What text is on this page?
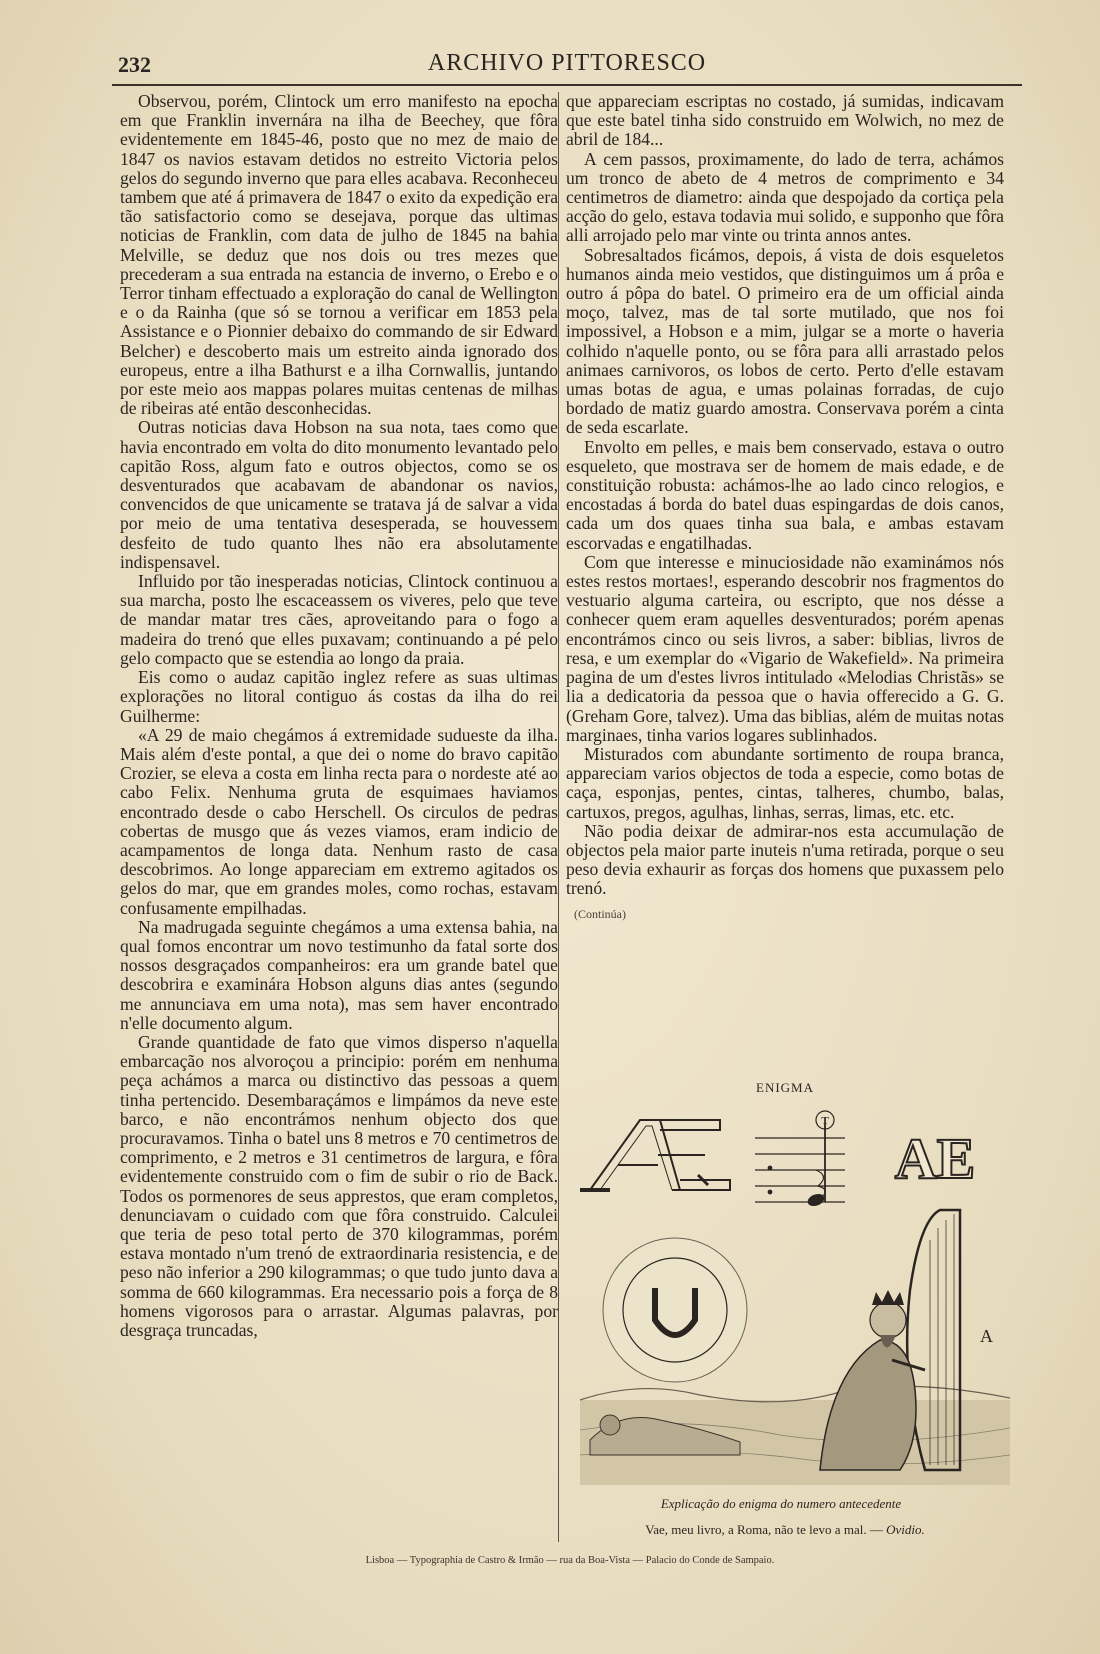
232	ARCHIVO PITTORESCO

Observou, porém, Clintock um erro manifesto na epocha em que Franklin invernára na ilha de Beechey, que fôra evidentemente em 1845-46, posto que no mez de maio de 1847 os navios estavam detidos no estreito Victoria pelos gelos do segundo inverno que para elles acabava. Reconheceu tambem que até á primavera de 1847 o exito da expedição era tão satisfactorio como se desejava, porque das ultimas noticias de Franklin, com data de julho de 1845 na bahia Melville, se deduz que nos dois ou tres mezes que precederam a sua entrada na estancia de inverno, o Erebo e o Terror tinham effectuado a exploração do canal de Wellington e o da Rainha (que só se tornou a verificar em 1853 pela Assistance e o Pionnier debaixo do commando de sir Edward Belcher) e descoberto mais um estreito ainda ignorado dos europeus, entre a ilha Bathurst e a ilha Cornwallis, juntando por este meio aos mappas polares muitas centenas de milhas de ribeiras até então desconhecidas.

Outras noticias dava Hobson na sua nota, taes como que havia encontrado em volta do dito monumento levantado pelo capitão Ross, algum fato e outros objectos, como se os desventurados que acabavam de abandonar os navios, convencidos de que unicamente se tratava já de salvar a vida por meio de uma tentativa desesperada, se houvessem desfeito de tudo quanto lhes não era absolutamente indispensavel.

Influido por tão inesperadas noticias, Clintock continuou a sua marcha, posto lhe escaceassem os viveres, pelo que teve de mandar matar tres cães, aproveitando para o fogo a madeira do trenó que elles puxavam; continuando a pé pelo gelo compacto que se estendia ao longo da praia.

Eis como o audaz capitão inglez refere as suas ultimas explorações no litoral contiguo ás costas da ilha do rei Guilherme:

«A 29 de maio chegámos á extremidade sudueste da ilha. Mais além d'este pontal, a que dei o nome do bravo capitão Crozier, se eleva a costa em linha recta para o nordeste até ao cabo Felix. Nenhuma gruta de esquimaes haviamos encontrado desde o cabo Herschell. Os circulos de pedras cobertas de musgo que ás vezes viamos, eram indicio de acampamentos de longa data. Nenhum rasto de casa descobrimos. Ao longe appareciam em extremo agitados os gelos do mar, que em grandes moles, como rochas, estavam confusamente empilhadas.

Na madrugada seguinte chegámos a uma extensa bahia, na qual fomos encontrar um novo testimunho da fatal sorte dos nossos desgraçados companheiros: era um grande batel que descobrira e examinára Hobson alguns dias antes (segundo me annunciava em uma nota), mas sem haver encontrado n'elle documento algum.

Grande quantidade de fato que vimos disperso n'aquella embarcação nos alvoroçou a principio: porém em nenhuma peça achámos a marca ou distinctivo das pessoas a quem tinha pertencido. Desembaraçámos e limpámos da neve este barco, e não encontrámos nenhum objecto dos que procuravamos. Tinha o batel uns 8 metros e 70 centimetros de comprimento, e 2 metros e 31 centimetros de largura, e fôra evidentemente construido com o fim de subir o rio de Back. Todos os pormenores de seus apprestos, que eram completos, denunciavam o cuidado com que fôra construido. Calculei que teria de peso total perto de 370 kilogrammas, porém estava montado n'um trenó de extraordinaria resistencia, e de peso não inferior a 290 kilogrammas; o que tudo junto dava a somma de 660 kilogrammas. Era necessario pois a força de 8 homens vigorosos para o arrastar. Algumas palavras, por desgraça truncadas,

que appareciam escriptas no costado, já sumidas, indicavam que este batel tinha sido construido em Wolwich, no mez de abril de 184...

A cem passos, proximamente, do lado de terra, achámos um tronco de abeto de 4 metros de comprimento e 34 centimetros de diametro: ainda que despojado da cortiça pela acção do gelo, estava todavia mui solido, e supponho que fôra alli arrojado pelo mar vinte ou trinta annos antes.

Sobresaltados ficámos, depois, á vista de dois esqueletos humanos ainda meio vestidos, que distinguimos um á prôa e outro á pôpa do batel. O primeiro era de um official ainda moço, talvez, mas de tal sorte mutilado, que nos foi impossivel, a Hobson e a mim, julgar se a morte o haveria colhido n'aquelle ponto, ou se fôra para alli arrastado pelos animaes carnivoros, os lobos de certo. Perto d'elle estavam umas botas de agua, e umas polainas forradas, de cujo bordado de matiz guardo amostra. Conservava porém a cinta de seda escarlate.

Envolto em pelles, e mais bem conservado, estava o outro esqueleto, que mostrava ser de homem de mais edade, e de constituição robusta: achámos-lhe ao lado cinco relogios, e encostadas á borda do batel duas espingardas de dois canos, cada um dos quaes tinha sua bala, e ambas estavam escorvadas e engatilhadas.

Com que interesse e minuciosidade não examinámos nós estes restos mortaes!, esperando descobrir nos fragmentos do vestuario alguma carteira, ou escripto, que nos désse a conhecer quem eram aquelles desventurados; porém apenas encontrámos cinco ou seis livros, a saber: biblias, livros de resa, e um exemplar do «Vigario de Wakefield». Na primeira pagina de um d'estes livros intitulado «Melodias Christãs» se lia a dedicatoria da pessoa que o havia offerecido a G. G. (Greham Gore, talvez). Uma das biblias, além de muitas notas marginaes, tinha varios logares sublinhados.

Misturados com abundante sortimento de roupa branca, appareciam varios objectos de toda a especie, como botas de caça, esponjas, pentes, cintas, talheres, chumbo, balas, cartuxos, pregos, agulhas, linhas, serras, limas, etc. etc.

Não podia deixar de admirar-nos esta accumulação de objectos pela maior parte inuteis n'uma retirada, porque o seu peso devia exhaurir as forças dos homens que puxassem pelo trenó.

(Continúa)
ENIGMA
T
AE
A
Explicação do enigma do numero antecedente
Vae, meu livro, a Roma, não te levo a mal. — Ovidio.
Lisboa — Typographia de Castro & Irmão — rua da Boa-Vista — Palacio do Conde de Sampaio.
